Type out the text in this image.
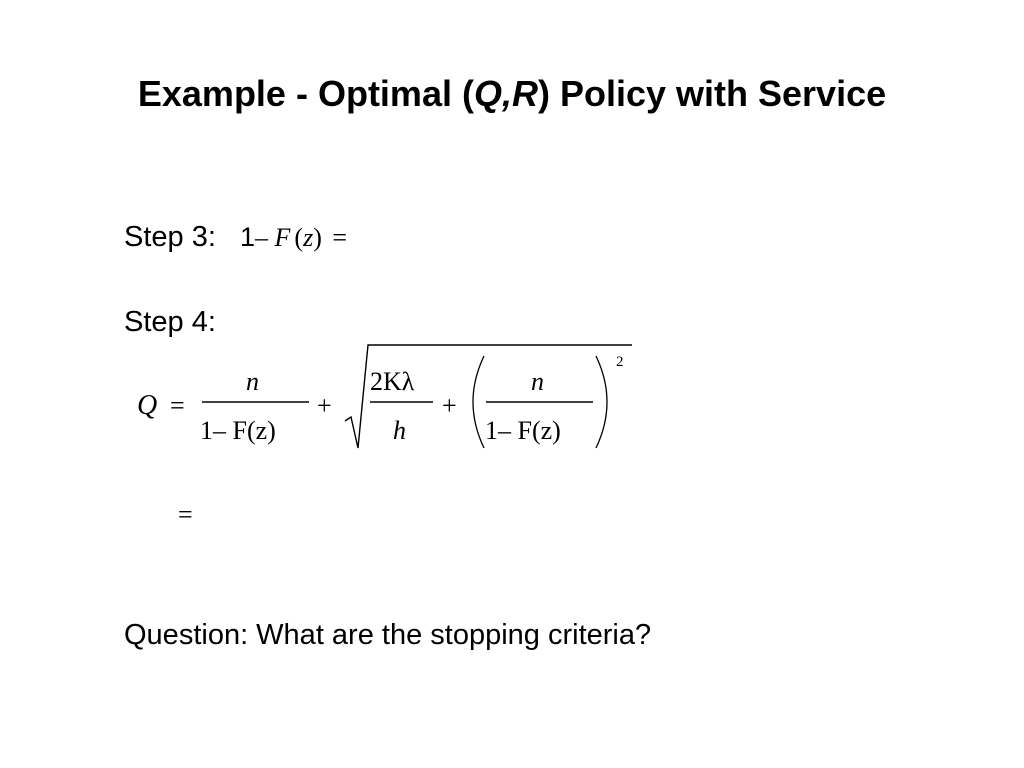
Example - Optimal (Q,R) Policy with Service
Step 3: 1– F (z) =
Step 4:
Q =
n
1– F(z)
+
2Kλ
h
+
n
1– F(z)
2
=
Question: What are the stopping criteria?
